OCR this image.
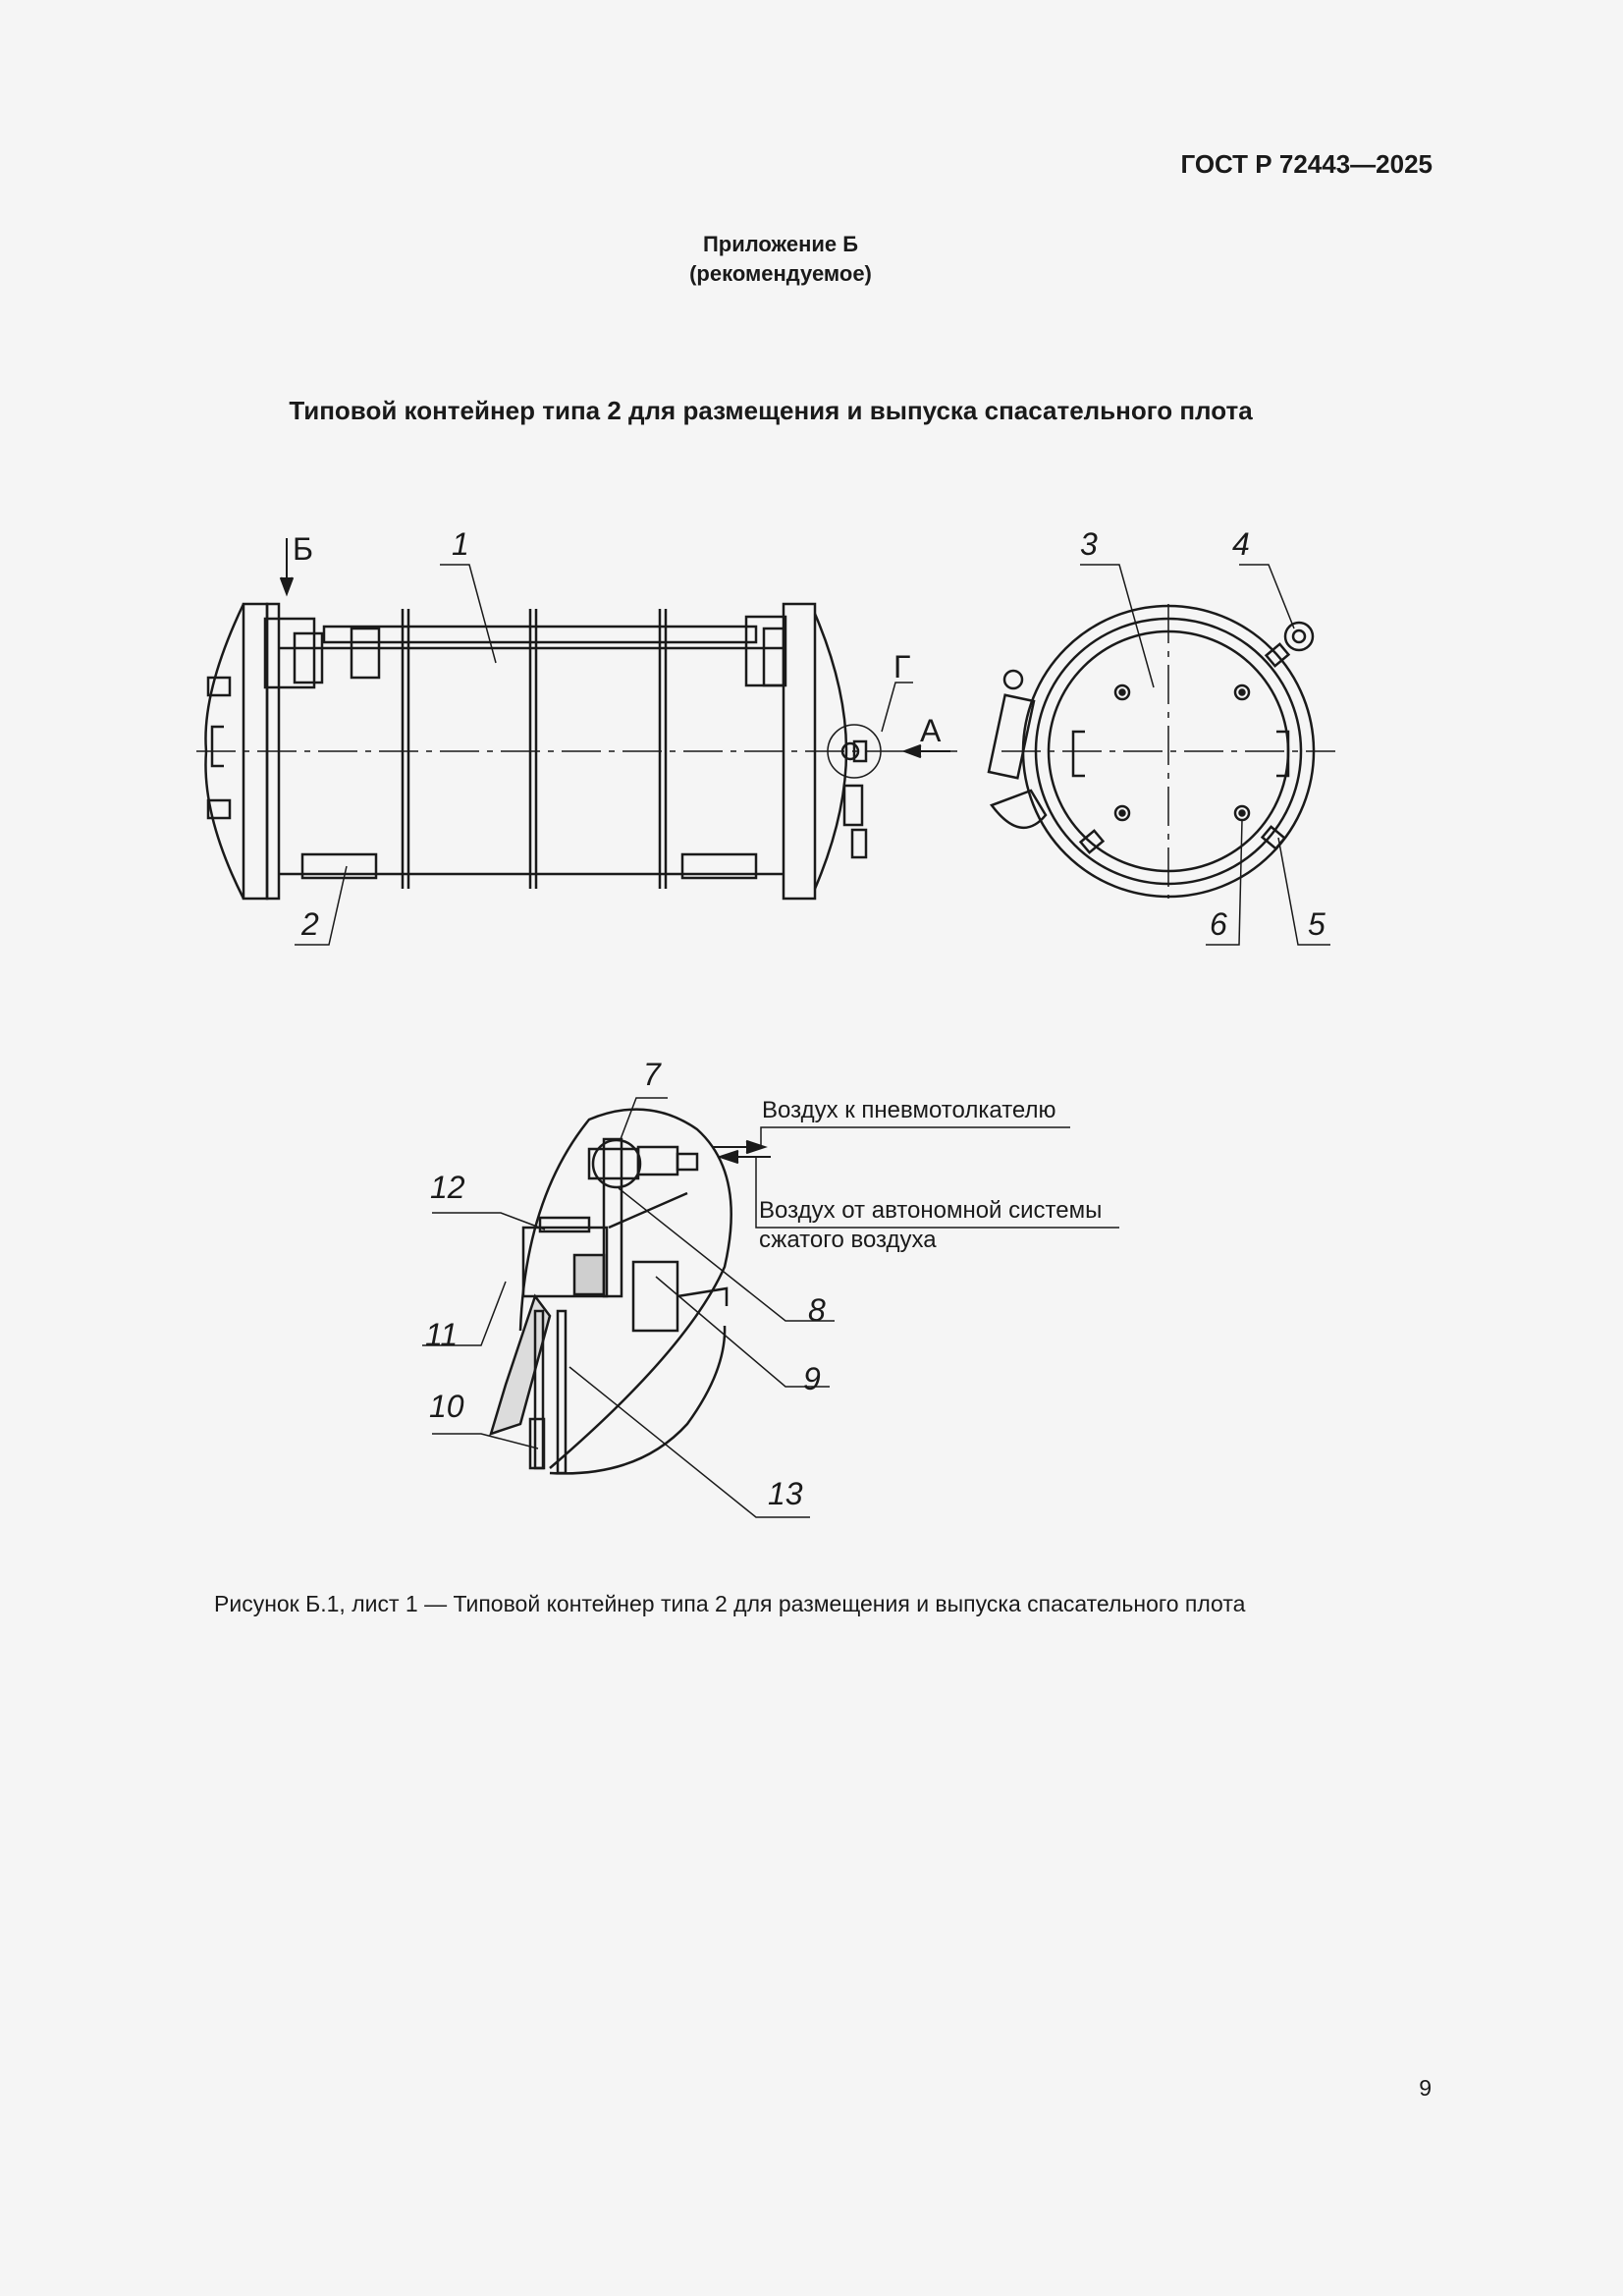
ГОСТ Р 72443—2025
Приложение Б
(рекомендуемое)
Типовой контейнер типа 2 для размещения и выпуска спасательного плота
Б
Г
А
1
2
3	4
5
6
7
8
9
10
11
12
13
Воздух к пневмотолкателю
Воздух от автономной системы
сжатого воздуха
Рисунок Б.1, лист 1 — Типовой контейнер типа 2 для размещения и выпуска спасательного плота
9
